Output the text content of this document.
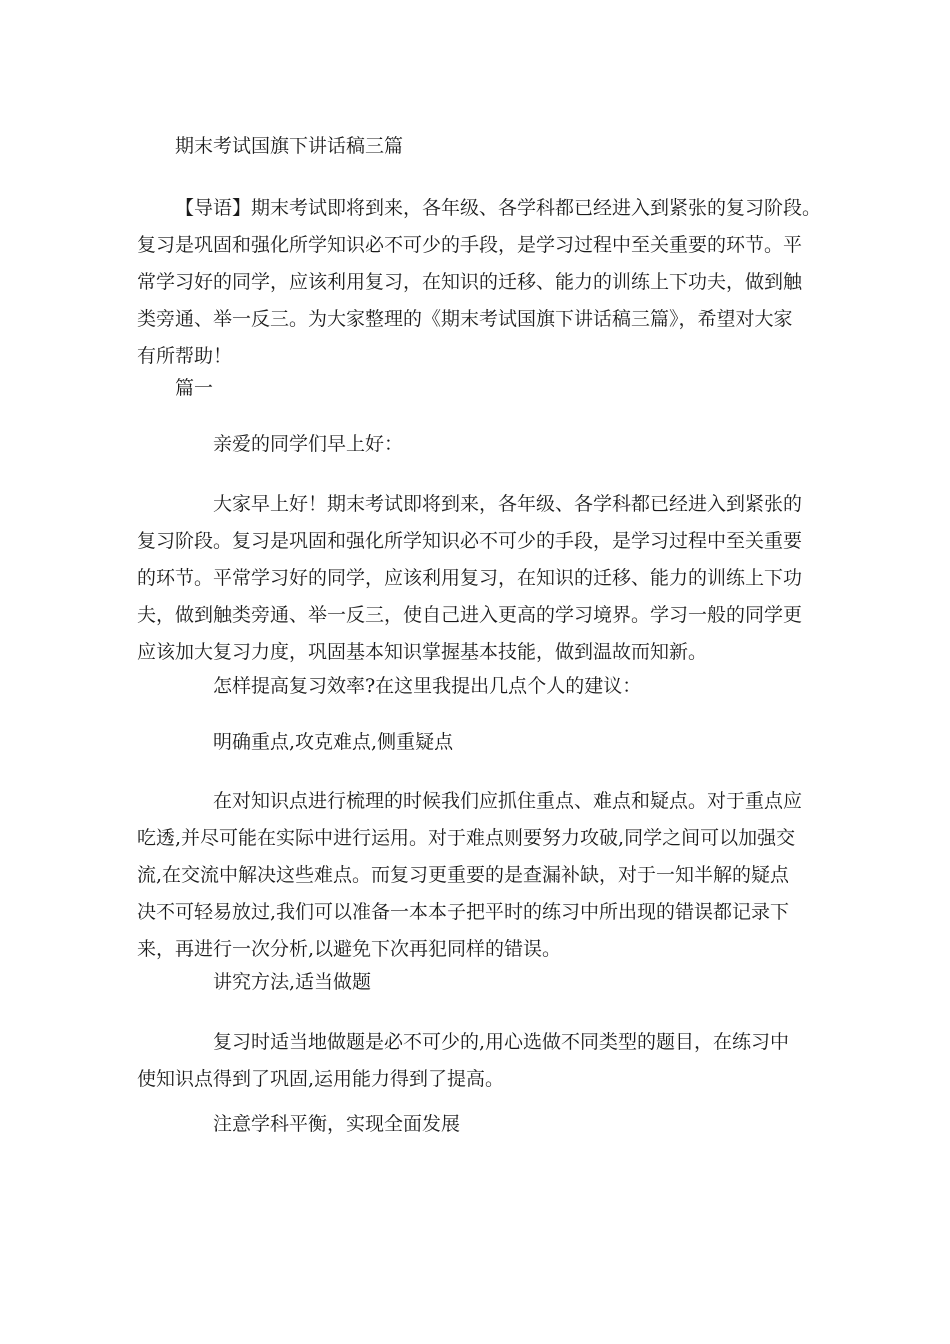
期末考试国旗下讲话稿三篇
【导语】期末考试即将到来，各年级、各学科都已经进入到紧张的复习阶段。
复习是巩固和强化所学知识必不可少的手段，是学习过程中至关重要的环节。平
常学习好的同学，应该利用复习，在知识的迁移、能力的训练上下功夫，做到触
类旁通、举一反三。为大家整理的《期末考试国旗下讲话稿三篇》，希望对大家
有所帮助！
篇一
亲爱的同学们早上好：
大家早上好！期末考试即将到来，各年级、各学科都已经进入到紧张的
复习阶段。复习是巩固和强化所学知识必不可少的手段，是学习过程中至关重要
的环节。平常学习好的同学，应该利用复习，在知识的迁移、能力的训练上下功
夫，做到触类旁通、举一反三，使自己进入更高的学习境界。学习一般的同学更
应该加大复习力度，巩固基本知识掌握基本技能，做到温故而知新。
怎样提高复习效率?在这里我提出几点个人的建议：
明确重点,攻克难点,侧重疑点
在对知识点进行梳理的时候我们应抓住重点、难点和疑点。对于重点应
吃透,并尽可能在实际中进行运用。对于难点则要努力攻破,同学之间可以加强交
流,在交流中解决这些难点。而复习更重要的是查漏补缺，对于一知半解的疑点
决不可轻易放过,我们可以准备一本本子把平时的练习中所出现的错误都记录下
来，再进行一次分析,以避免下次再犯同样的错误。
讲究方法,适当做题
复习时适当地做题是必不可少的,用心选做不同类型的题目，在练习中
使知识点得到了巩固,运用能力得到了提高。
注意学科平衡，实现全面发展
